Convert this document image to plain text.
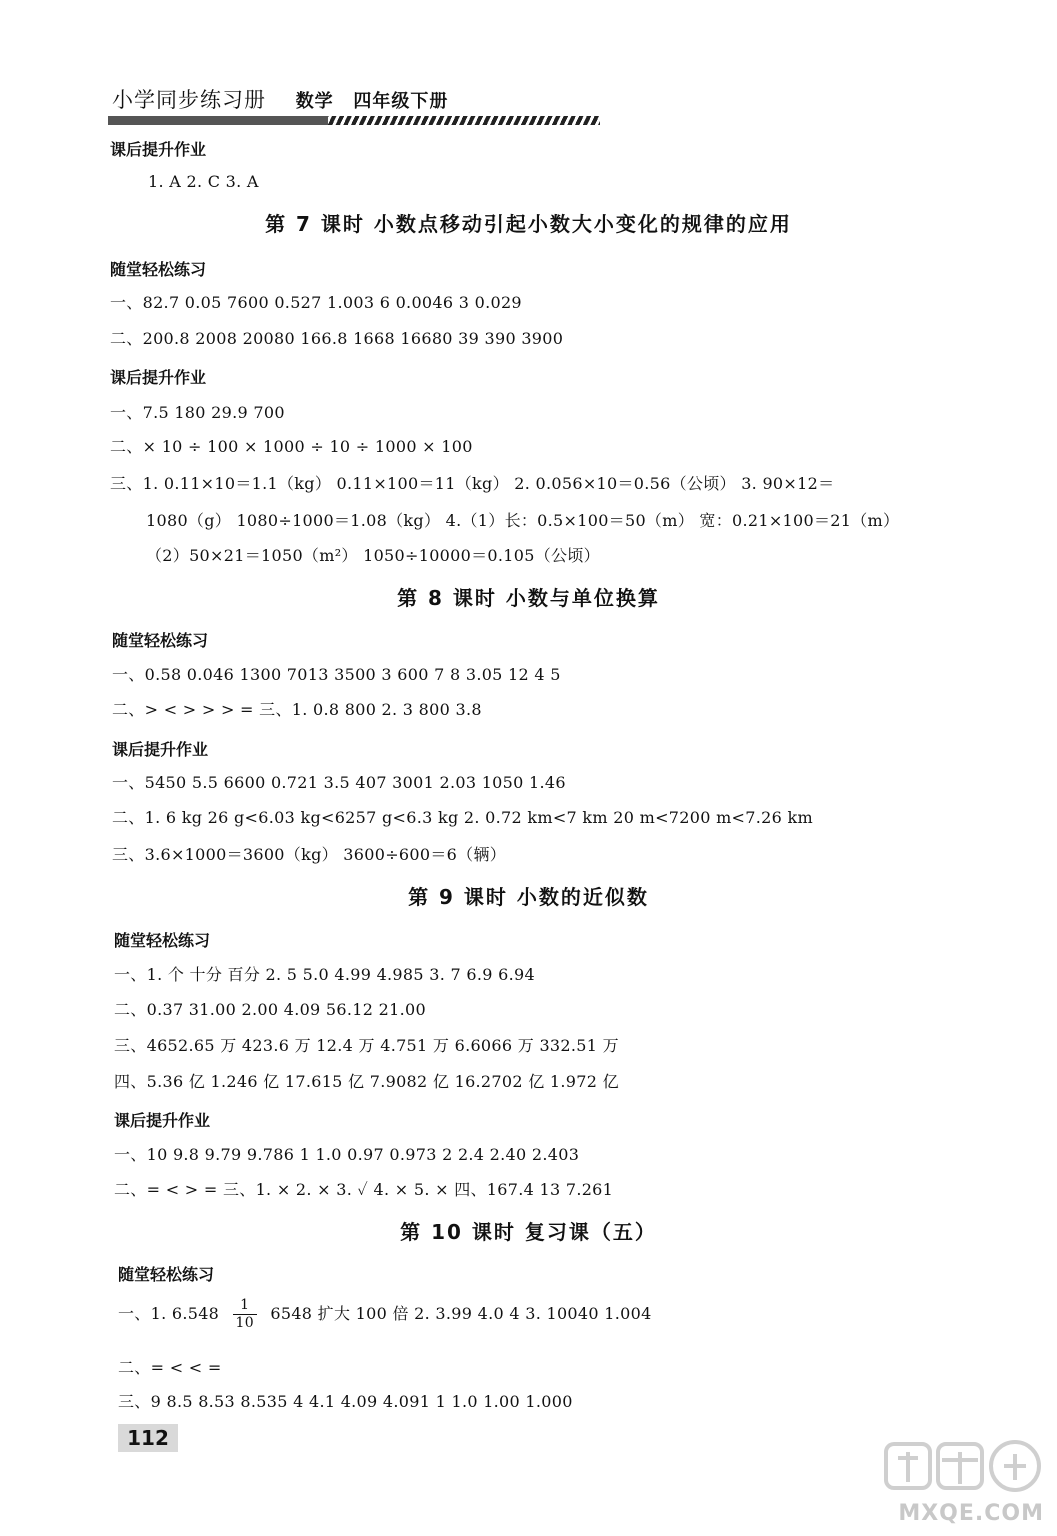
小学同步练习册 数学 四年级下册
课后提升作业
1. A 2. C 3. A
第 7 课时 小数点移动引起小数大小变化的规律的应用
随堂轻松练习
一、82.7 0.05 7600 0.527 1.003 6 0.0046 3 0.029
二、200.8 2008 20080 166.8 1668 16680 39 390 3900
课后提升作业
一、7.5 180 29.9 700
二、× 10 ÷ 100 × 1000 ÷ 10 ÷ 1000 × 100
三、1. 0.11×10＝1.1（kg） 0.11×100＝11（kg） 2. 0.056×10＝0.56（公顷） 3. 90×12＝
1080（g） 1080÷1000＝1.08（kg） 4.（1）长：0.5×100＝50（m） 宽：0.21×100＝21（m）
（2）50×21＝1050（m²） 1050÷10000＝0.105（公顷）
第 8 课时 小数与单位换算
随堂轻松练习
一、0.58 0.046 1300 7013 3500 3 600 7 8 3.05 12 4 5
二、> < > > > = 三、1. 0.8 800 2. 3 800 3.8
课后提升作业
一、5450 5.5 6600 0.721 3.5 407 3001 2.03 1050 1.46
二、1. 6 kg 26 g<6.03 kg<6257 g<6.3 kg 2. 0.72 km<7 km 20 m<7200 m<7.26 km
三、3.6×1000＝3600（kg） 3600÷600＝6（辆）
第 9 课时 小数的近似数
随堂轻松练习
一、1. 个 十分 百分 2. 5 5.0 4.99 4.985 3. 7 6.9 6.94
二、0.37 31.00 2.00 4.09 56.12 21.00
三、4652.65 万 423.6 万 12.4 万 4.751 万 6.6066 万 332.51 万
四、5.36 亿 1.246 亿 17.615 亿 7.9082 亿 16.2702 亿 1.972 亿
课后提升作业
一、10 9.8 9.79 9.786 1 1.0 0.97 0.973 2 2.4 2.40 2.403
二、= < > = 三、1. × 2. × 3. ✓ 4. × 5. × 四、167.4 13 7.261
第 10 课时 复习课（五）
随堂轻松练习
一、1. $6.548 \frac{1}{10} 6548$ 扩大 100 倍 2. 3.99 4.0 4 3. 10040 1.004
二、= < < =
三、9 8.5 8.53 8.535 4 4.1 4.09 4.091 1 1.0 1.00 1.000
112
MXQE.COM
